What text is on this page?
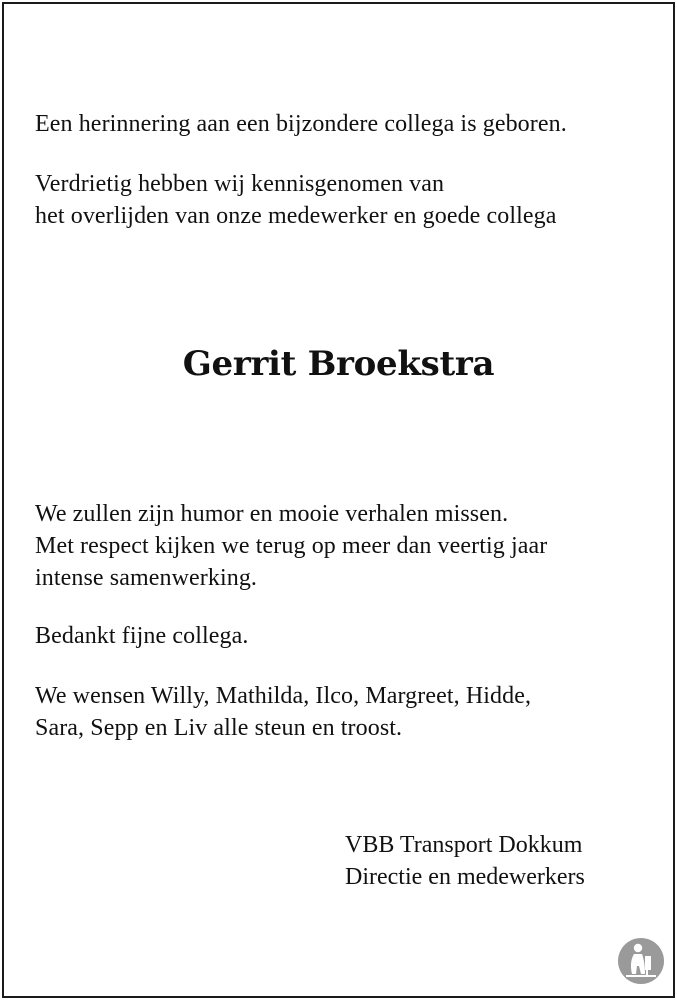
Een herinnering aan een bijzondere collega is geboren.

Verdrietig hebben wij kennisgenomen van

het overlijden van onze medewerker en goede collega

Gerrit Broekstra

We zullen zijn humor en mooie verhalen missen.

Met respect kijken we terug op meer dan veertig jaar

intense samenwerking.

Bedankt fijne collega.

We wensen Willy, Mathilda, Ilco, Margreet, Hidde,

Sara, Sepp en Liv alle steun en troost.

VBB Transport Dokkum

Directie en medewerkers
